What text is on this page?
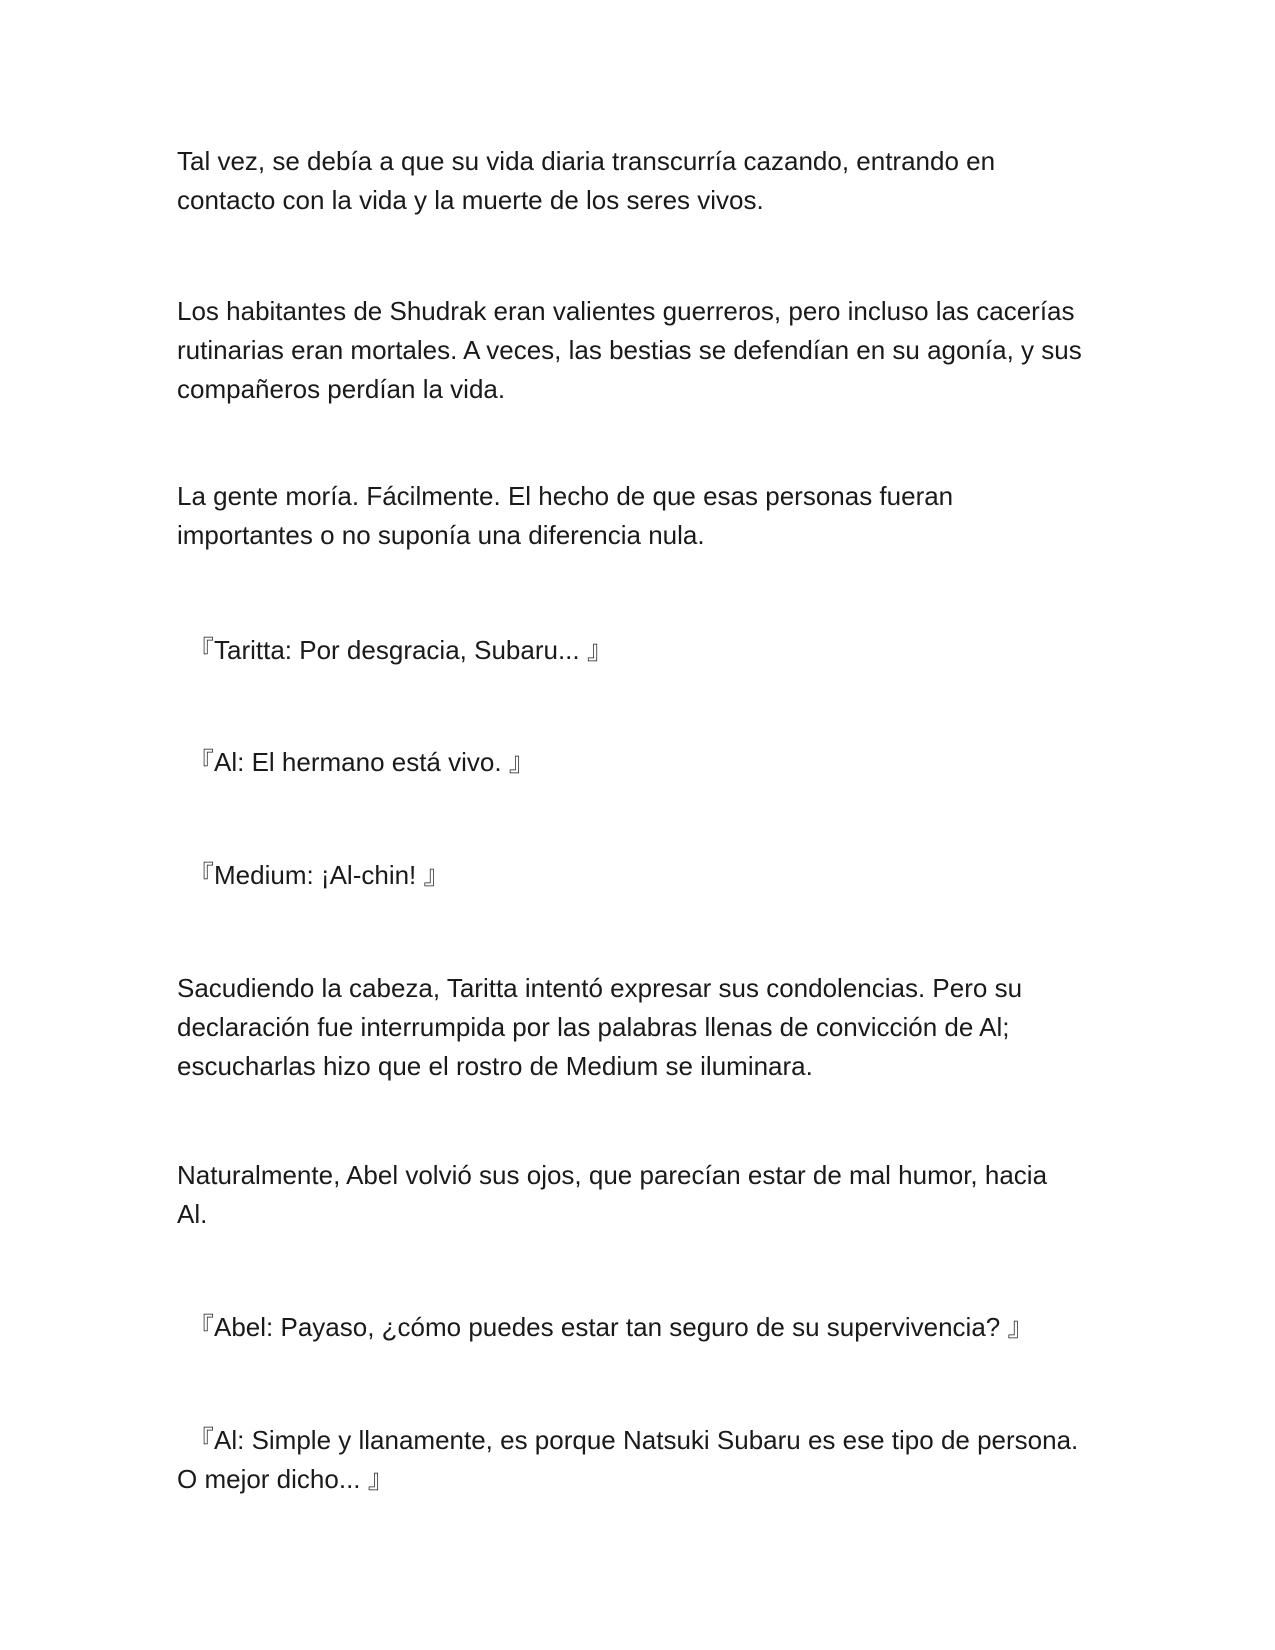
Tal vez, se debía a que su vida diaria transcurría cazando, entrando en
contacto con la vida y la muerte de los seres vivos.

Los habitantes de Shudrak eran valientes guerreros, pero incluso las cacerías
rutinarias eran mortales. A veces, las bestias se defendían en su agonía, y sus
compañeros perdían la vida.

La gente moría. Fácilmente. El hecho de que esas personas fueran
importantes o no suponía una diferencia nula.

『Taritta: Por desgracia, Subaru... 』

『Al: El hermano está vivo. 』

『Medium: ¡Al-chin! 』

Sacudiendo la cabeza, Taritta intentó expresar sus condolencias. Pero su
declaración fue interrumpida por las palabras llenas de convicción de Al;
escucharlas hizo que el rostro de Medium se iluminara.

Naturalmente, Abel volvió sus ojos, que parecían estar de mal humor, hacia
Al.

『Abel: Payaso, ¿cómo puedes estar tan seguro de su supervivencia? 』

『Al: Simple y llanamente, es porque Natsuki Subaru es ese tipo de persona.
O mejor dicho... 』
